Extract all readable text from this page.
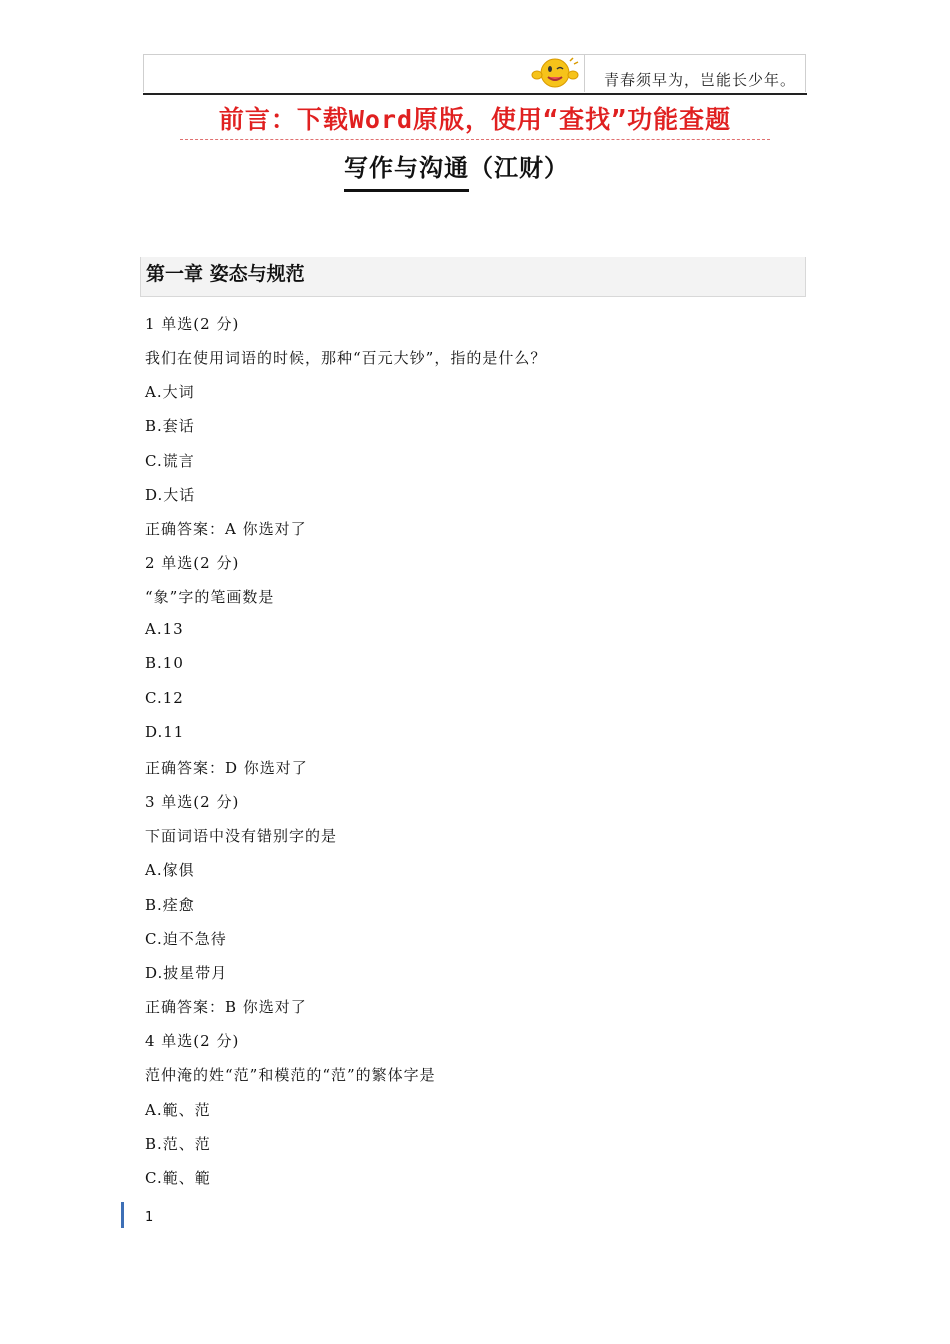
青春须早为，岂能长少年。
前言：下载Word原版，使用“查找”功能查题
写作与沟通（江财）
第一章 姿态与规范
1 单选(2 分)
我们在使用词语的时候，那种“百元大钞”，指的是什么？
A.大词
B.套话
C.谎言
D.大话
正确答案：A 你选对了
2 单选(2 分)
“象”字的笔画数是
A.13
B.10
C.12
D.11
正确答案：D 你选对了
3 单选(2 分)
下面词语中没有错别字的是
A.傢俱
B.痊愈
C.迫不急待
D.披星带月
正确答案：B 你选对了
4 单选(2 分)
范仲淹的姓“范”和模范的“范”的繁体字是
A.範、范
B.范、范
C.範、範
1
